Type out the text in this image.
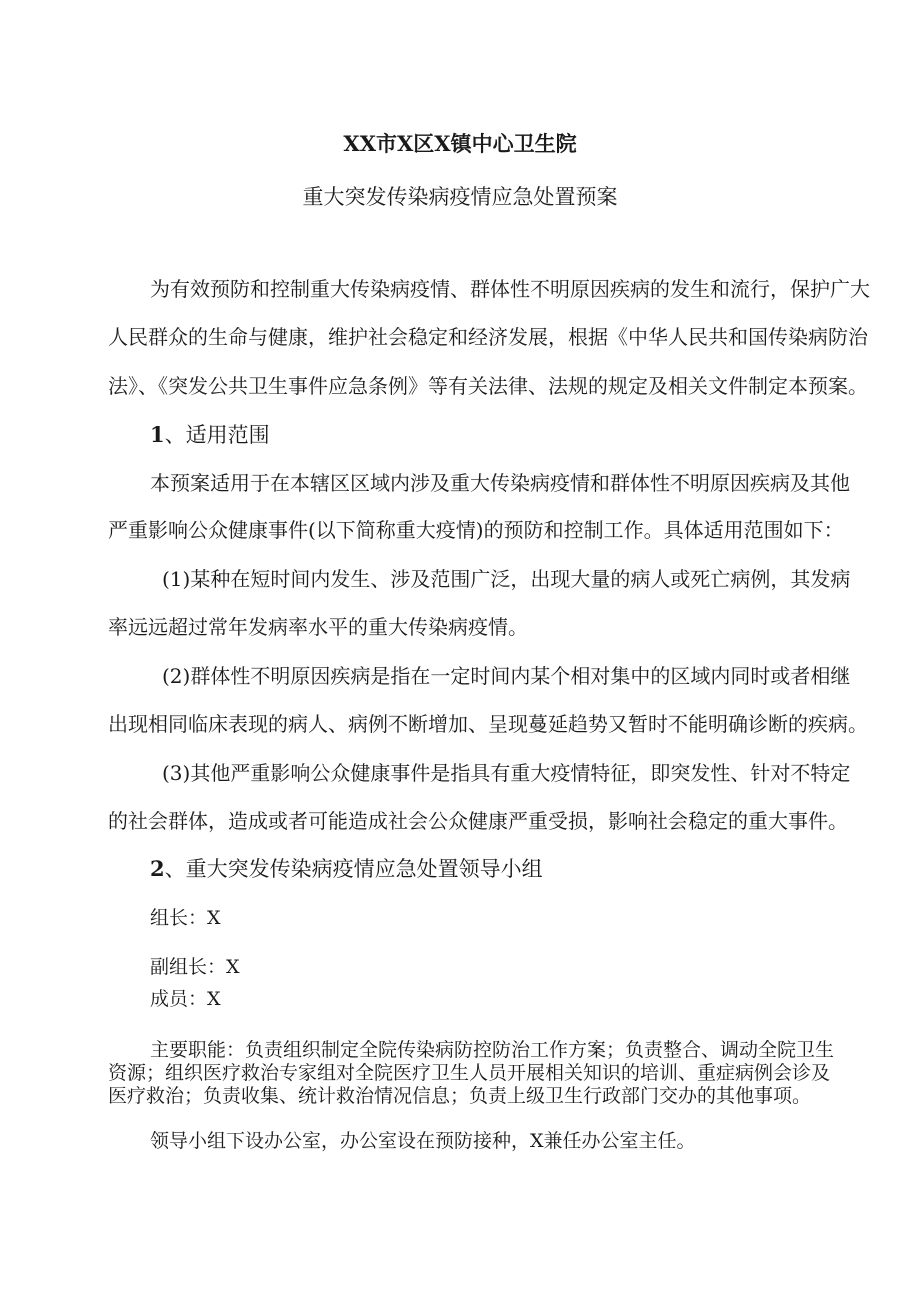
XX市X区X镇中心卫生院

重大突发传染病疫情应急处置预案

为有效预防和控制重大传染病疫情、群体性不明原因疾病的发生和流行，保护广大

人民群众的生命与健康，维护社会稳定和经济发展，根据《中华人民共和国传染病防治

法》、《突发公共卫生事件应急条例》等有关法律、法规的规定及相关文件制定本预案。

1、适用范围

本预案适用于在本辖区区域内涉及重大传染病疫情和群体性不明原因疾病及其他

严重影响公众健康事件(以下简称重大疫情)的预防和控制工作。具体适用范围如下：

(1)某种在短时间内发生、涉及范围广泛，出现大量的病人或死亡病例，其发病

率远远超过常年发病率水平的重大传染病疫情。

(2)群体性不明原因疾病是指在一定时间内某个相对集中的区域内同时或者相继

出现相同临床表现的病人、病例不断增加、呈现蔓延趋势又暂时不能明确诊断的疾病。

(3)其他严重影响公众健康事件是指具有重大疫情特征，即突发性、针对不特定

的社会群体，造成或者可能造成社会公众健康严重受损，影响社会稳定的重大事件。

2、重大突发传染病疫情应急处置领导小组

组长：X

副组长：X

成员：X

主要职能：负责组织制定全院传染病防控防治工作方案；负责整合、调动全院卫生

资源；组织医疗救治专家组对全院医疗卫生人员开展相关知识的培训、重症病例会诊及

医疗救治；负责收集、统计救治情况信息；负责上级卫生行政部门交办的其他事项。

领导小组下设办公室，办公室设在预防接种，X兼任办公室主任。
